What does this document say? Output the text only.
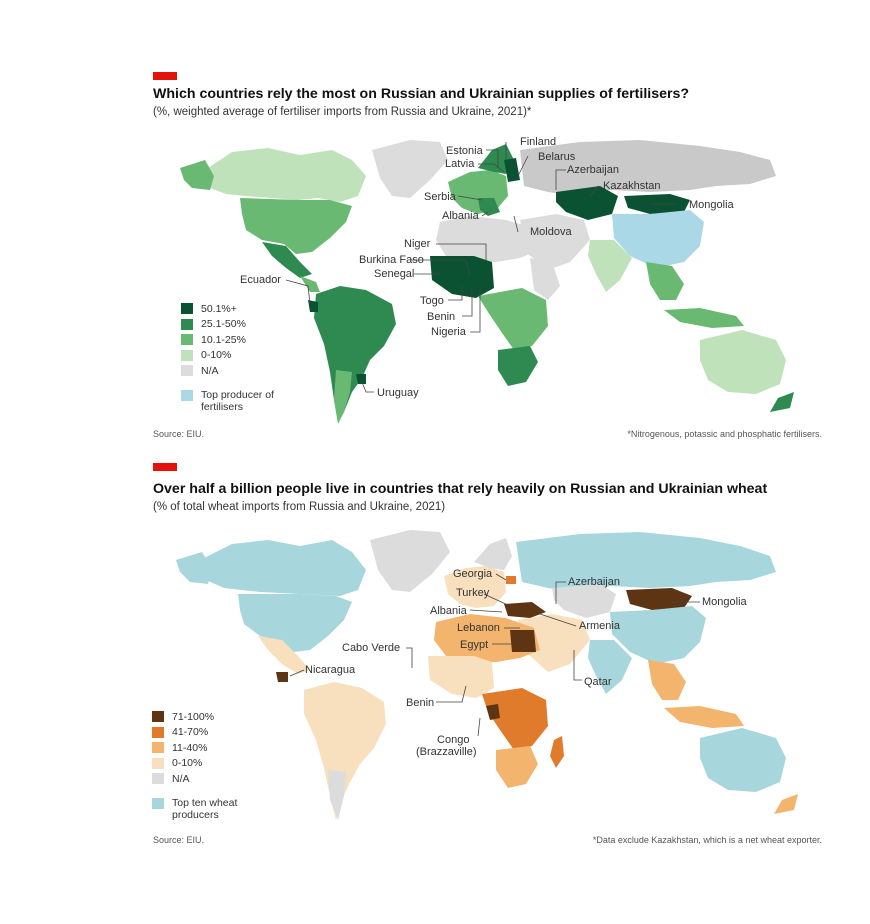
Which countries rely the most on Russian and Ukrainian supplies of fertilisers?
(%, weighted average of fertiliser imports from Russia and Ukraine, 2021)*
Estonia
Finland
Latvia
Belarus
Azerbaijan
Kazakhstan
Serbia
Mongolia
Albania
Moldova
Niger
Burkina Faso
Senegal
Ecuador
Togo
Benin
Nigeria
Uruguay
50.1%+
25.1-50%
10.1-25%
0-10%
N/A
Top producer of
fertilisers
Source: EIU.	*Nitrogenous, potassic and phosphatic fertilisers.
Over half a billion people live in countries that rely heavily on Russian and Ukrainian wheat
(% of total wheat imports from Russia and Ukraine, 2021)
Georgia
Azerbaijan
Turkey
Mongolia
Albania
Lebanon	Armenia
Cabo Verde	Egypt
Nicaragua
Qatar
Benin
Congo
(Brazzaville)
71-100%
41-70%
11-40%
0-10%
N/A
Top ten wheat
producers
Source: EIU.	*Data exclude Kazakhstan, which is a net wheat exporter.
